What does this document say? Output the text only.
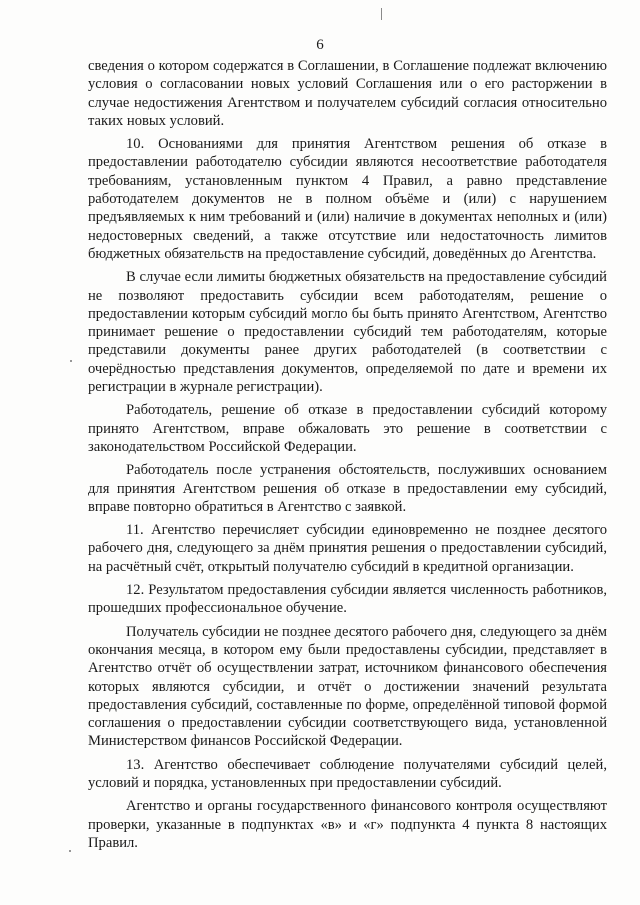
6

сведения о котором содержатся в Соглашении, в Соглашение подлежат включению условия о согласовании новых условий Соглашения или о его расторжении в случае недостижения Агентством и получателем субсидий согласия относительно таких новых условий.

10. Основаниями для принятия Агентством решения об отказе в предоставлении работодателю субсидии являются несоответствие работодателя требованиям, установленным пунктом 4 Правил, а равно представление работодателем документов не в полном объёме и (или) с нарушением предъявляемых к ним требований и (или) наличие в документах неполных и (или) недостоверных сведений, а также отсутствие или недостаточность лимитов бюджетных обязательств на предоставление субсидий, доведённых до Агентства.

В случае если лимиты бюджетных обязательств на предоставление субсидий не позволяют предоставить субсидии всем работодателям, решение о предоставлении которым субсидий могло бы быть принято Агентством, Агентство принимает решение о предоставлении субсидий тем работодателям, которые представили документы ранее других работодателей (в соответствии с очерёдностью представления документов, определяемой по дате и времени их регистрации в журнале регистрации).

Работодатель, решение об отказе в предоставлении субсидий которому принято Агентством, вправе обжаловать это решение в соответствии с законодательством Российской Федерации.

Работодатель после устранения обстоятельств, послуживших основанием для принятия Агентством решения об отказе в предоставлении ему субсидий, вправе повторно обратиться в Агентство с заявкой.

11. Агентство перечисляет субсидии единовременно не позднее десятого рабочего дня, следующего за днём принятия решения о предоставлении субсидий, на расчётный счёт, открытый получателю субсидий в кредитной организации.

12. Результатом предоставления субсидии является численность работников, прошедших профессиональное обучение.

Получатель субсидии не позднее десятого рабочего дня, следующего за днём окончания месяца, в котором ему были предоставлены субсидии, представляет в Агентство отчёт об осуществлении затрат, источником финансового обеспечения которых являются субсидии, и отчёт о достижении значений результата предоставления субсидий, составленные по форме, определённой типовой формой соглашения о предоставлении субсидии соответствующего вида, установленной Министерством финансов Российской Федерации.

13. Агентство обеспечивает соблюдение получателями субсидий целей, условий и порядка, установленных при предоставлении субсидий.

Агентство и органы государственного финансового контроля осуществляют проверки, указанные в подпунктах «в» и «г» подпункта 4 пункта 8 настоящих Правил.
